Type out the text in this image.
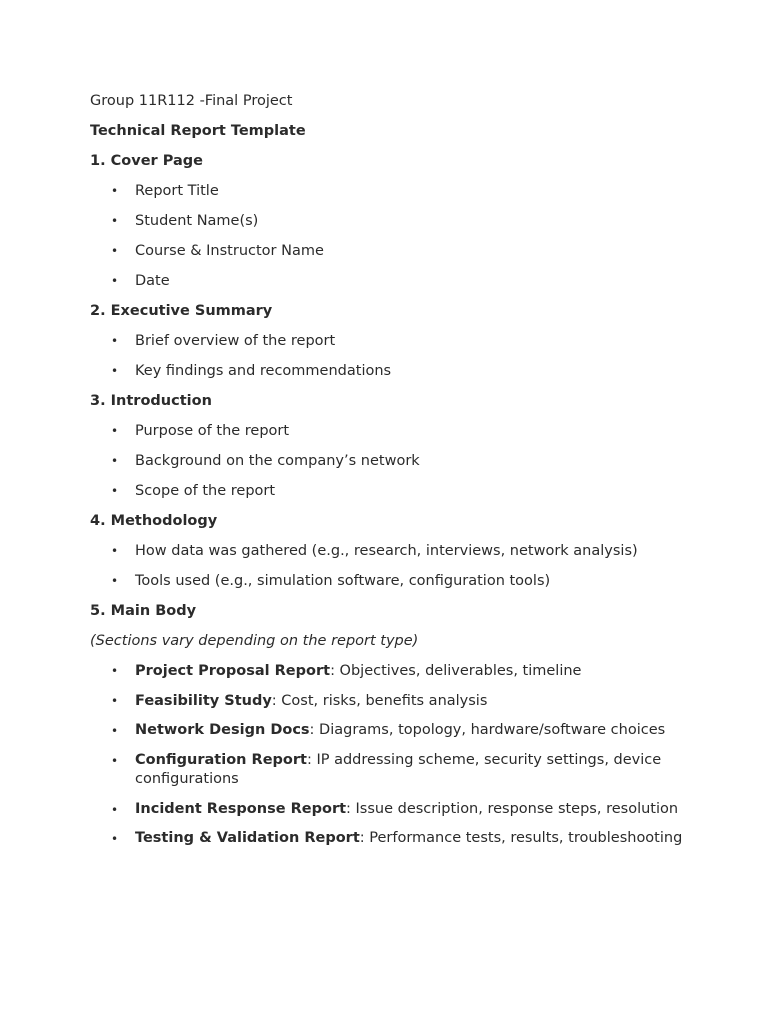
Group 11R112 -Final Project
Technical Report Template
1. Cover Page
• Report Title
• Student Name(s)
• Course & Instructor Name
• Date
2. Executive Summary
• Brief overview of the report
• Key findings and recommendations
3. Introduction
• Purpose of the report
• Background on the company’s network
• Scope of the report
4. Methodology
• How data was gathered (e.g., research, interviews, network analysis)
• Tools used (e.g., simulation software, configuration tools)
5. Main Body
(Sections vary depending on the report type)
• Project Proposal Report: Objectives, deliverables, timeline
• Feasibility Study: Cost, risks, benefits analysis
• Network Design Docs: Diagrams, topology, hardware/software choices
• Configuration Report: IP addressing scheme, security settings, device configurations
• Incident Response Report: Issue description, response steps, resolution
• Testing & Validation Report: Performance tests, results, troubleshooting
